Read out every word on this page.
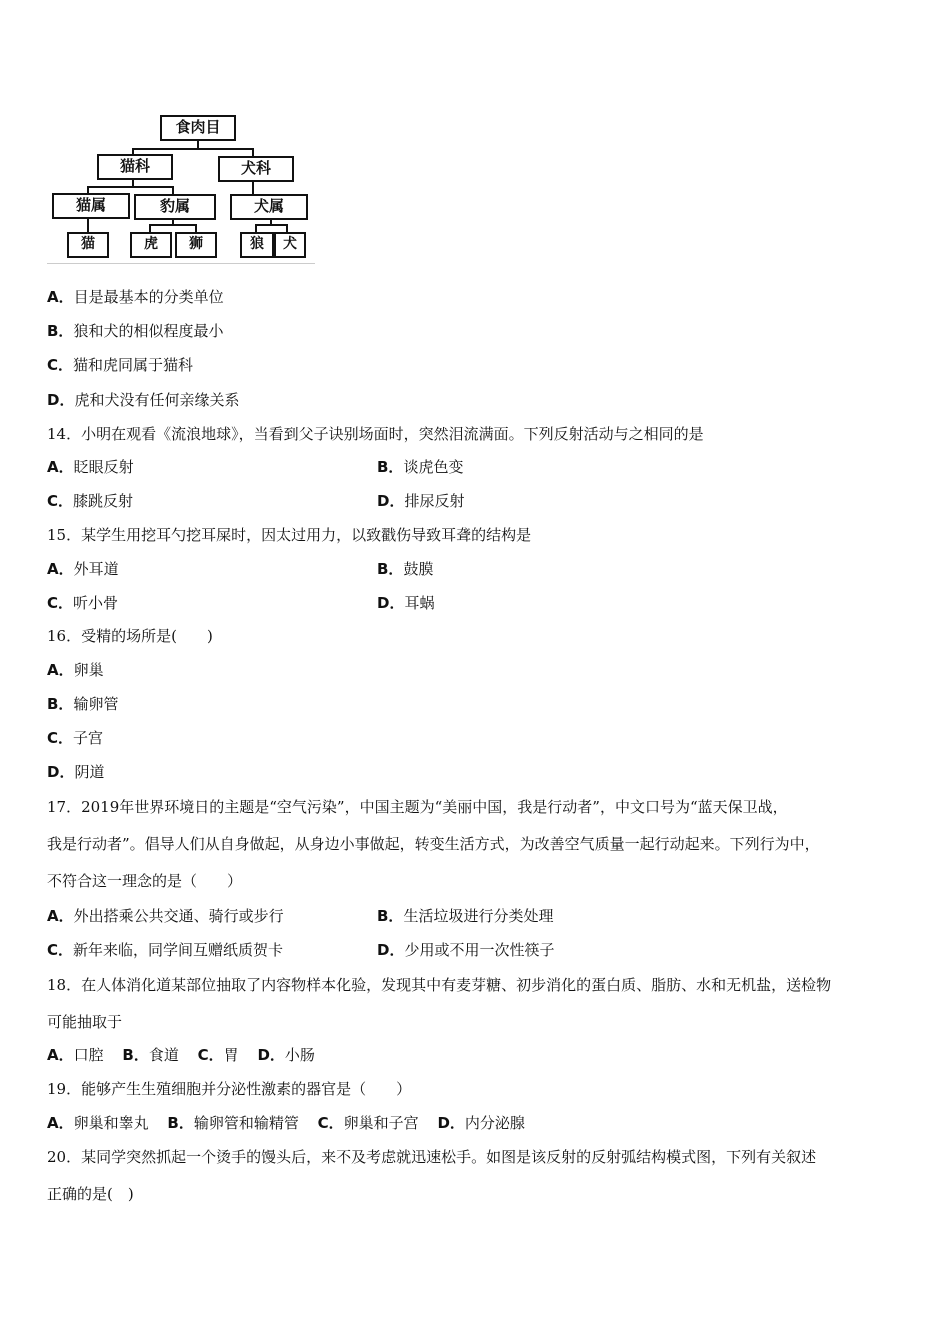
食肉目
猫科	犬科
猫属	豹属	犬属
猫	虎	狮	狼	犬
A．目是最基本的分类单位
B．狼和犬的相似程度最小
C．猫和虎同属于猫科
D．虎和犬没有任何亲缘关系
14．小明在观看《流浪地球》，当看到父子诀别场面时，突然泪流满面。下列反射活动与之相同的是
A．眨眼反射	B．谈虎色变
C．膝跳反射	D．排尿反射
15．某学生用挖耳勺挖耳屎时，因太过用力，以致戳伤导致耳聋的结构是
A．外耳道	B．鼓膜
C．听小骨	D．耳蜗
16．受精的场所是(　　)
A．卵巢
B．输卵管
C．子宫
D．阴道
17．2019年世界环境日的主题是“空气污染”，中国主题为“美丽中国，我是行动者”，中文口号为“蓝天保卫战，
我是行动者”。倡导人们从自身做起，从身边小事做起，转变生活方式，为改善空气质量一起行动起来。下列行为中，
不符合这一理念的是（　　）
A．外出搭乘公共交通、骑行或步行	B．生活垃圾进行分类处理
C．新年来临，同学间互赠纸质贺卡	D．少用或不用一次性筷子
18．在人体消化道某部位抽取了内容物样本化验，发现其中有麦芽糖、初步消化的蛋白质、脂肪、水和无机盐，送检物
可能抽取于
A．口腔 B．食道 C．胃 D．小肠
19．能够产生生殖细胞并分泌性激素的器官是（　　）
A．卵巢和睾丸 B．输卵管和输精管 C．卵巢和子宫 D．内分泌腺
20．某同学突然抓起一个烫手的馒头后，来不及考虑就迅速松手。如图是该反射的反射弧结构模式图，下列有关叙述
正确的是(　)
